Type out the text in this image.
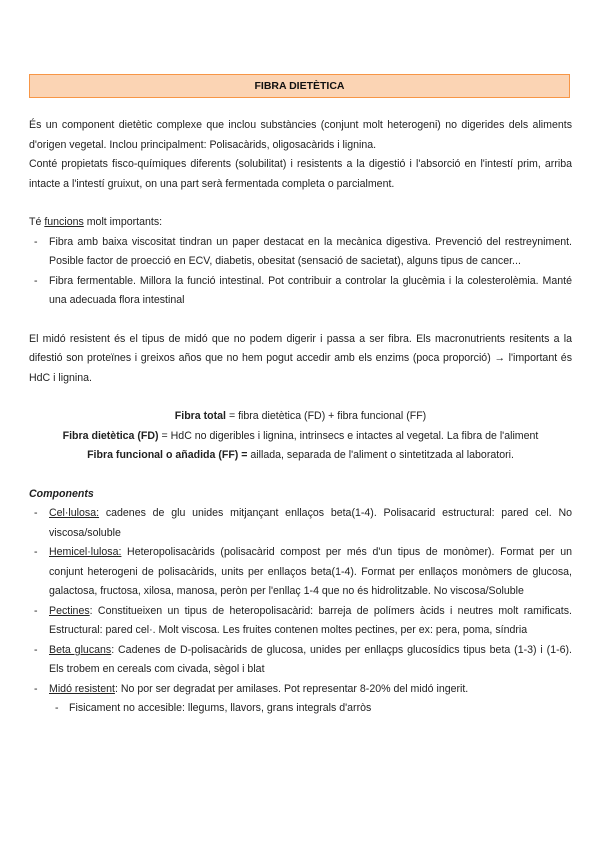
FIBRA DIETÈTICA

És un component dietètic complexe que inclou substàncies (conjunt molt heterogeni) no digerides dels aliments d'origen vegetal. Inclou principalment: Polisacàrids, oligosacàrids i lignina.

Conté propietats fisco-químiques diferents (solubilitat) i resistents a la digestió i l'absorció en l'intestí prim, arriba intacte a l'intestí gruixut, on una part serà fermentada completa o parcialment.

Té funcions molt importants:

- Fibra amb baixa viscositat tindran un paper destacat en la mecànica digestiva. Prevenció del restreyniment. Posible factor de proecció en ECV, diabetis, obesitat (sensació de sacietat), alguns tipus de cancer...
- Fibra fermentable. Millora la funció intestinal. Pot contribuir a controlar la glucèmia i la colesterolèmia. Manté una adecuada flora intestinal

El midó resistent és el tipus de midó que no podem digerir i passa a ser fibra. Els macronutrients resitents a la difestió son proteïnes i greixos años que no hem pogut accedir amb els enzims (poca proporció) → l'important és HdC i lignina.

Fibra total = fibra dietètica (FD) + fibra funcional (FF)

Fibra dietètica (FD) = HdC no digeribles i lignina, intrinsecs e intactes al vegetal. La fibra de l'aliment

Fibra funcional o añadida (FF) = aillada, separada de l'aliment o sintetitzada al laboratori.

Components

- Cel·lulosa: cadenes de glu unides mitjançant enllaços beta(1-4). Polisacarid estructural: pared cel. No viscosa/soluble
- Hemicel·lulosa: Heteropolisacàrids (polisacàrid compost per més d'un tipus de monòmer). Format per un conjunt heterogeni de polisacàrids, units per enllaços beta(1-4). Format per enllaços monòmers de glucosa, galactosa, fructosa, xilosa, manosa, peròn per l'enllaç 1-4 que no és hidrolitzable. No viscosa/Soluble
- Pectines: Constitueixen un tipus de heteropolisacàrid: barreja de polímers àcids i neutres molt ramificats. Estructural: pared cel·. Molt viscosa. Les fruites contenen moltes pectines, per ex: pera, poma, síndria
- Beta glucans: Cadenes de D-polisacàrids de glucosa, unides per enllaçps glucosídics tipus beta (1-3) i (1-6). Els trobem en cereals com civada, sègol i blat
- Midó resistent: No por ser degradat per amilases. Pot representar 8-20% del midó ingerit.
- Fisicament no accesible: llegums, llavors, grans integrals d'arròs
